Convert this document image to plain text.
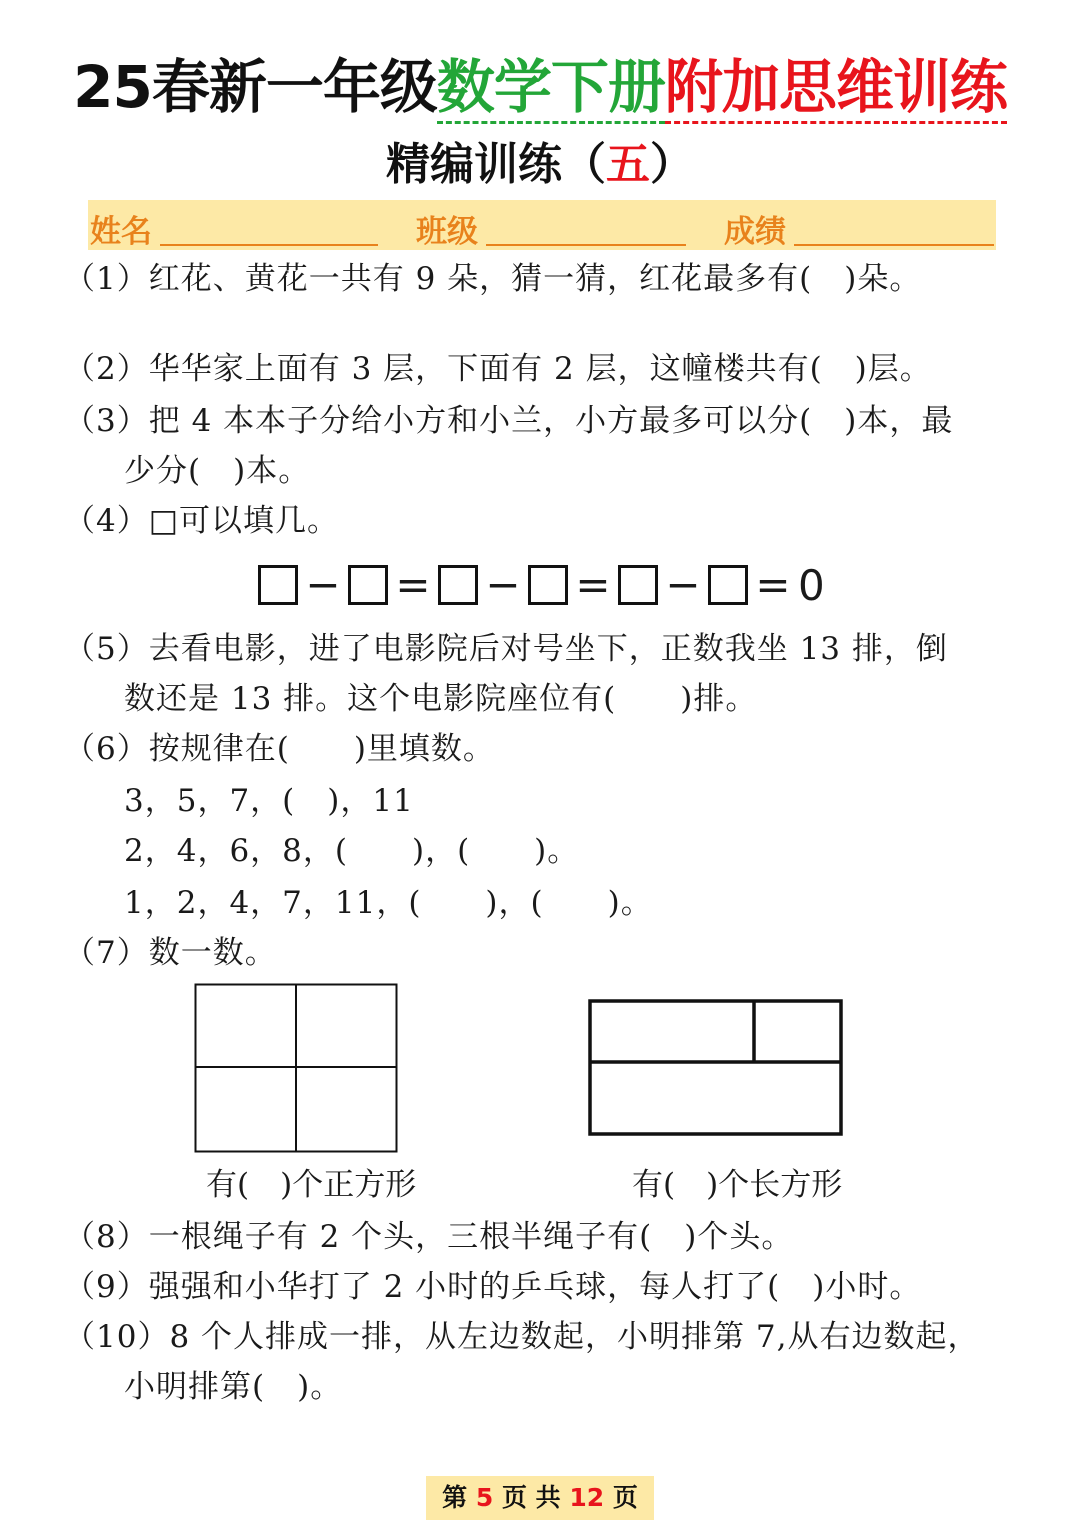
25春新一年级数学下册附加思维训练
精编训练（五）
姓名	班级	成绩
（1）红花、黄花一共有 9 朵，猜一猜，红花最多有(　)朵。
（2）华华家上面有 3 层，下面有 2 层，这幢楼共有(　)层。
（3）把 4 本本子分给小方和小兰，小方最多可以分(　)本，最
少分(　)本。
（4）□可以填几。
− = − = − = 0
（5）去看电影，进了电影院后对号坐下，正数我坐 13 排，倒
数还是 13 排。这个电影院座位有(　　)排。
（6）按规律在(　　)里填数。
3，5，7，(　)，11
2，4，6，8，(　　)，(　　)。
1，2，4，7，11，(　　)，(　　)。
（7）数一数。
有(　)个正方形	有(　)个长方形
（8）一根绳子有 2 个头，三根半绳子有(　)个头。
（9）强强和小华打了 2 小时的乒乓球，每人打了(　)小时。
（10）8 个人排成一排，从左边数起，小明排第 7,从右边数起，
小明排第(　)。
第 5 页 共 12 页
